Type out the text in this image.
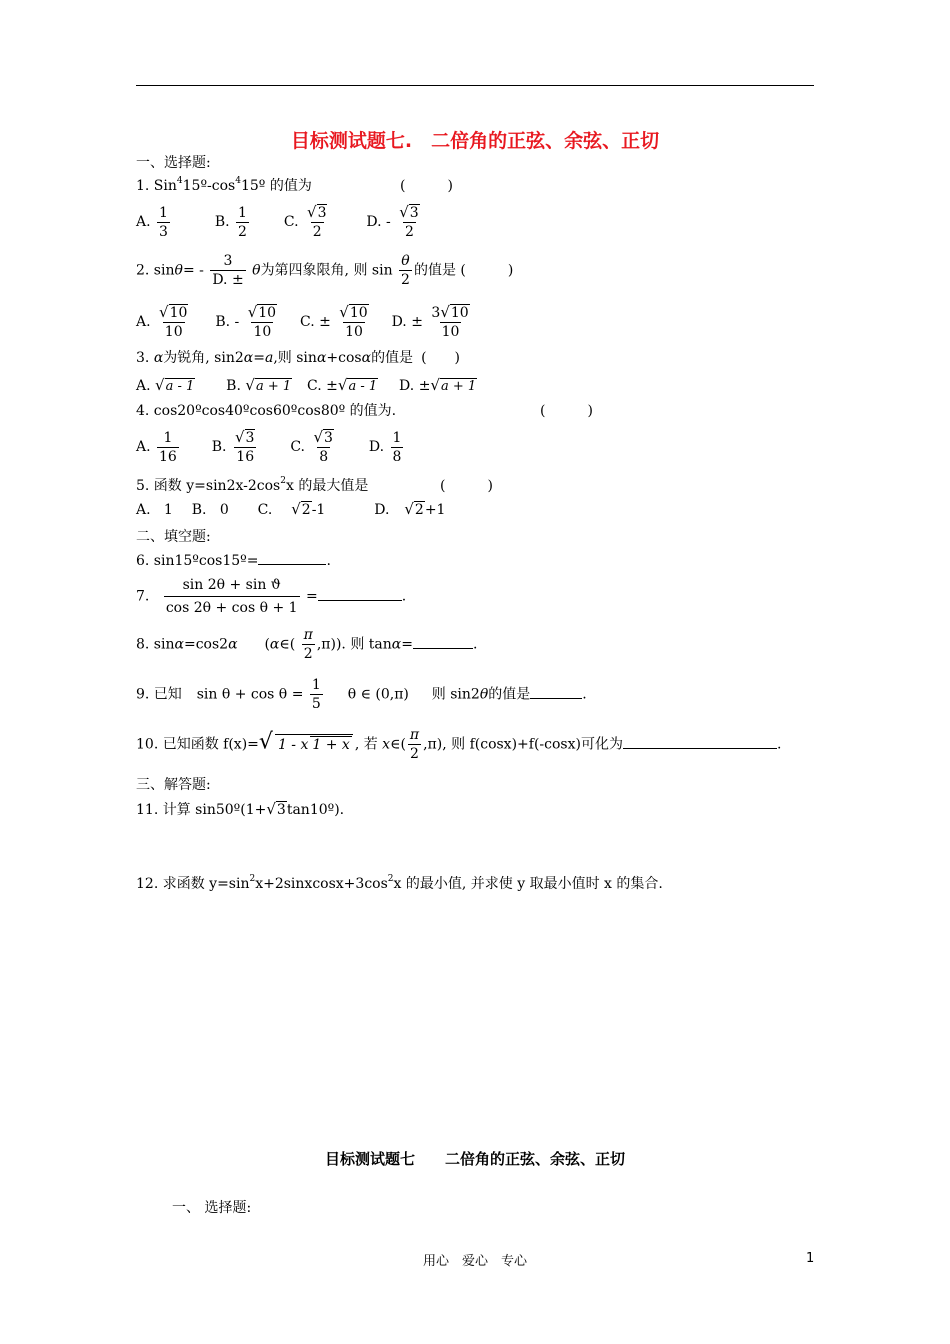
目标测试题七.　二倍角的正弦、余弦、正切
一、选择题:
1. $Sin^415º-\cos^415º$ 的值为	(　　　)
A. $\frac{1}{3}$	B. $\frac{1}{2} C$. $\frac{√3}{2}$	D. - $\frac{√3}{2}$
2. $\sin\theta= - \frac{3}{D. \pm}$ θ为第四象限角, 则 $\sin \frac{\theta}{2}$ 的值是 (　　　)
A. $\frac{√10}{10} B$. - $\frac{√10}{10} C$. ± $\frac{√10}{10} D$. ± $\frac{3√10}{10}$
3. α为锐角, sin2α=a,则 sinα+cosα的值是 (　　)
A. √a - 1 B. √a + 1 C. ±√a - 1 D. ±√a + 1
4. cos20ºcos40ºcos60ºcos80º 的值为.	(　　　)
A. $\frac{1}{16} B$. $\frac{√3}{16} C$. $\frac{√3}{8} D$. $\frac{1}{8}$
5. 函数 $y=\sin 2x-2\cos^2x$ 的最大值是	(　　　)
A.   1 B.   0 C. √2-1	D. √2+1
二、填空题:
6. sin15ºcos15º=	.
7. $\frac{\text{sin 2θ + sin ϑ}}{\text{cos 2θ + cos θ + 1}}$ =	.
8. sinα=cos2α (α∈( $\frac{\pi}{2} ,\pi$)). 则 tanα=	.
9. 已知 $\sin \theta + \cos \theta = \frac{1}{5}$ θ ∈ (0,π) 则 sin2θ的值是	.
10. 已知函数 f(x)=√ 1 - x 1 + x , 若 x∈( $\frac{\pi}{2} ,\pi$), 则 f(cosx)+f(-cosx)可化为	.
三、解答题:
11. 计算 sin50º(1+√3tan10º).
12. 求函数 $y=\sin^2x+2sinxcosx+3\cos^2x$ 的最小值, 并求使 y 取最小值时 x 的集合.
目标测试题七　　二倍角的正弦、余弦、正切
一、 选择题:
用心　爱心　专心	1
